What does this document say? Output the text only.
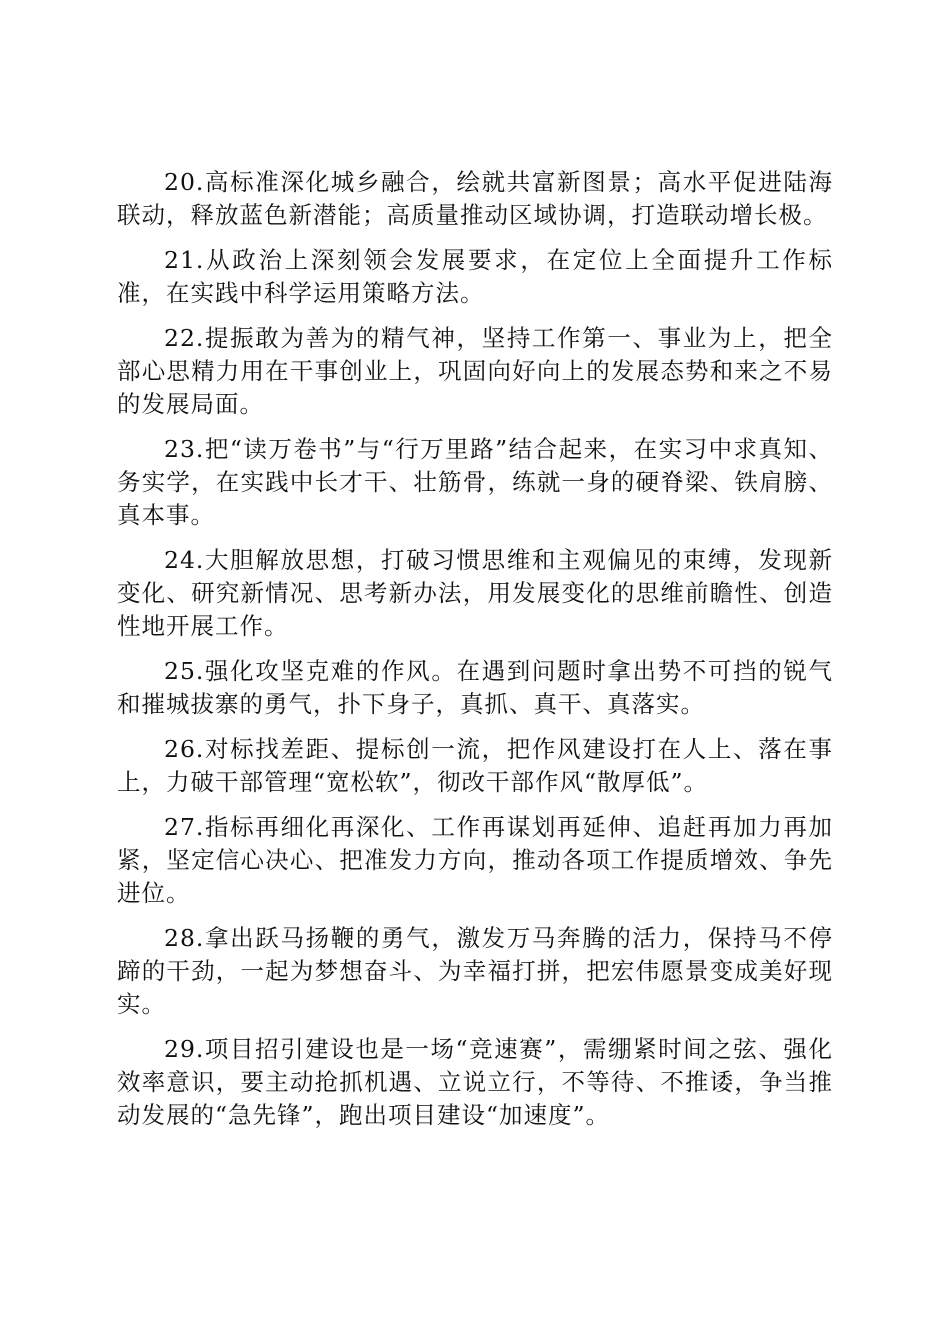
20.高标准深化城乡融合，绘就共富新图景；高水平促进陆海联动，释放蓝色新潜能；高质量推动区域协调，打造联动增长极。

21.从政治上深刻领会发展要求，在定位上全面提升工作标准，在实践中科学运用策略方法。

22.提振敢为善为的精气神，坚持工作第一、事业为上，把全部心思精力用在干事创业上，巩固向好向上的发展态势和来之不易的发展局面。

23.把“读万卷书”与“行万里路”结合起来，在实习中求真知、务实学，在实践中长才干、壮筋骨，练就一身的硬脊梁、铁肩膀、真本事。

24.大胆解放思想，打破习惯思维和主观偏见的束缚，发现新变化、研究新情况、思考新办法，用发展变化的思维前瞻性、创造性地开展工作。

25.强化攻坚克难的作风。在遇到问题时拿出势不可挡的锐气和摧城拔寨的勇气，扑下身子，真抓、真干、真落实。

26.对标找差距、提标创一流，把作风建设打在人上、落在事上，力破干部管理“宽松软”，彻改干部作风“散厚低”。

27.指标再细化再深化、工作再谋划再延伸、追赶再加力再加紧，坚定信心决心、把准发力方向，推动各项工作提质增效、争先进位。

28.拿出跃马扬鞭的勇气，激发万马奔腾的活力，保持马不停蹄的干劲，一起为梦想奋斗、为幸福打拼，把宏伟愿景变成美好现实。

29.项目招引建设也是一场“竞速赛”，需绷紧时间之弦、强化效率意识，要主动抢抓机遇、立说立行，不等待、不推诿，争当推动发展的“急先锋”，跑出项目建设“加速度”。
